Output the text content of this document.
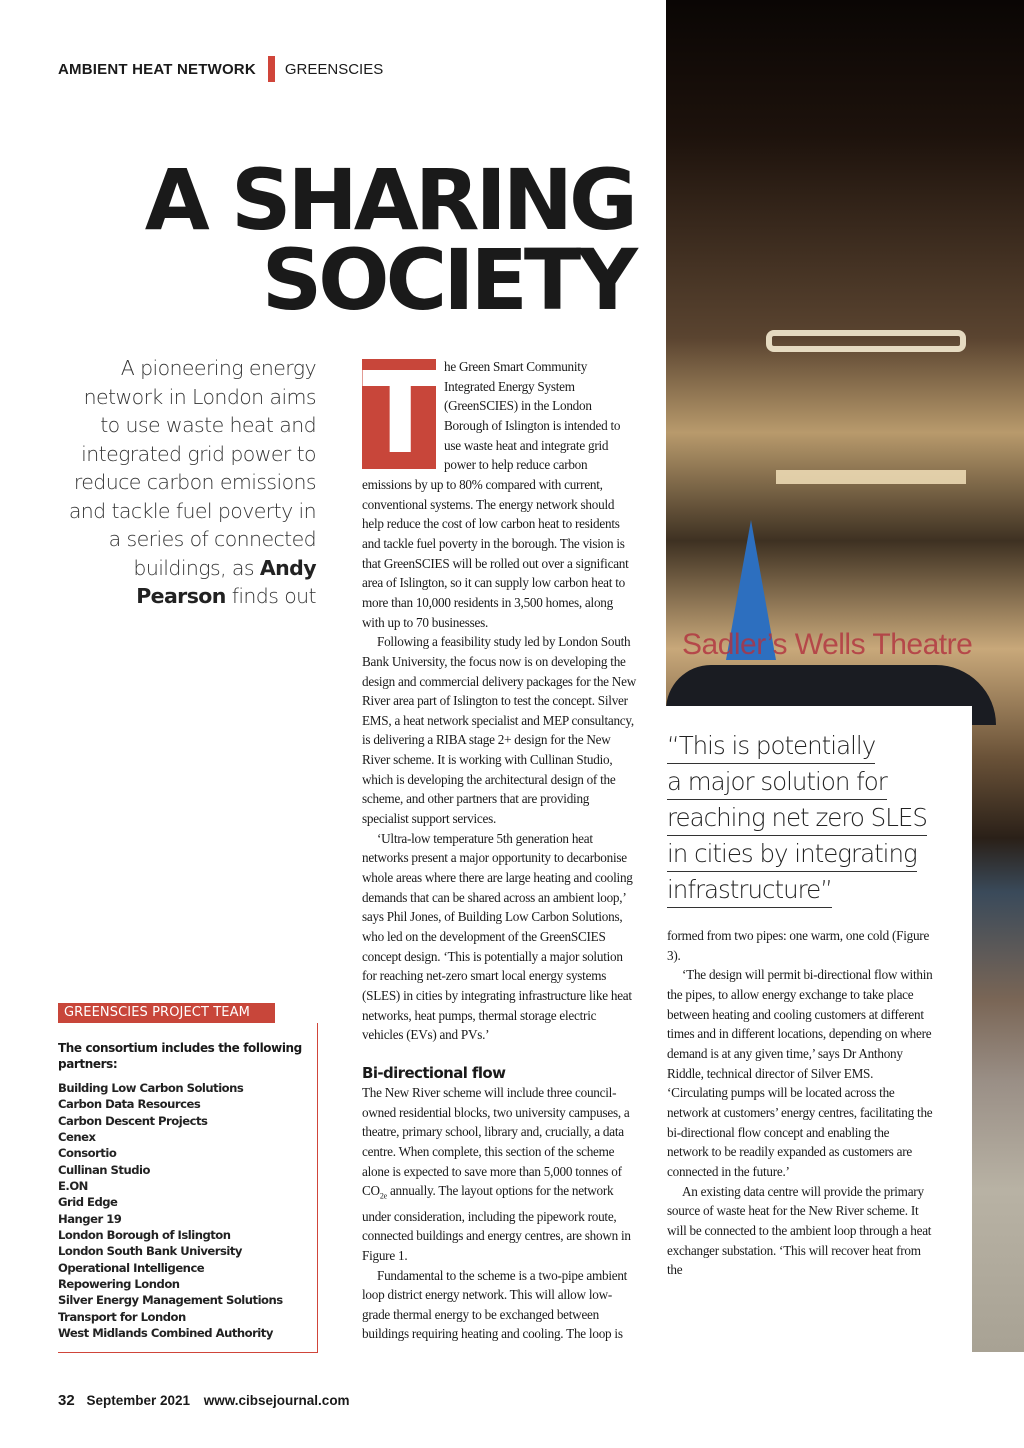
AMBIENT HEAT NETWORK GREENSCIES
A SHARING
SOCIETY
A pioneering energy network in London aims to use waste heat and integrated grid power to reduce carbon emissions and tackle fuel poverty in a series of connected buildings, as Andy Pearson finds out
Sadler’s Wells Theatre
“This is potentially
a major solution for
reaching net zero SLES
in cities by integrating
infrastructure”
T he Green Smart Community Integrated Energy System (GreenSCIES) in the London Borough of Islington is intended to use waste heat and integrate grid power to help reduce carbon emissions by up to 80% compared with current, conventional systems. The energy network should help reduce the cost of low carbon heat to residents and tackle fuel poverty in the borough. The vision is that GreenSCIES will be rolled out over a significant area of Islington, so it can supply low carbon heat to more than 10,000 residents in 3,500 homes, along with up to 70 businesses.

Following a feasibility study led by London South Bank University, the focus now is on developing the design and commercial delivery packages for the New River area part of Islington to test the concept. Silver EMS, a heat network specialist and MEP consultancy, is delivering a RIBA stage 2+ design for the New River scheme. It is working with Cullinan Studio, which is developing the architectural design of the scheme, and other partners that are providing specialist support services.

‘Ultra-low temperature 5th generation heat networks present a major opportunity to decarbonise whole areas where there are large heating and cooling demands that can be shared across an ambient loop,’ says Phil Jones, of Building Low Carbon Solutions, who led on the development of the GreenSCIES concept design. ‘This is potentially a major solution for reaching net-zero smart local energy systems (SLES) in cities by integrating infrastructure like heat networks, heat pumps, thermal storage electric vehicles (EVs) and PVs.’

Bi-directional flow

The New River scheme will include three council-owned residential blocks, two university campuses, a theatre, primary school, library and, crucially, a data centre. When complete, this section of the scheme alone is expected to save more than 5,000 tonnes of $CO_{2e}$ annually. The layout options for the network under consideration, including the pipework route, connected buildings and energy centres, are shown in Figure 1.

Fundamental to the scheme is a two-pipe ambient loop district energy network. This will allow low-grade thermal energy to be exchanged between buildings requiring heating and cooling. The loop is

formed from two pipes: one warm, one cold (Figure 3).

‘The design will permit bi-directional flow within the pipes, to allow energy exchange to take place between heating and cooling customers at different times and in different locations, depending on where demand is at any given time,’ says Dr Anthony Riddle, technical director of Silver EMS. ‘Circulating pumps will be located across the network at customers’ energy centres, facilitating the bi-directional flow concept and enabling the network to be readily expanded as customers are connected in the future.’

An existing data centre will provide the primary source of waste heat for the New River scheme. It will be connected to the ambient loop through a heat exchanger substation. ‘This will recover heat from the

GREENSCIES PROJECT TEAM
The consortium includes the following partners:
Building Low Carbon Solutions
Carbon Data Resources
Carbon Descent Projects
Cenex
Consortio
Cullinan Studio
E.ON
Grid Edge
Hanger 19
London Borough of Islington
London South Bank University
Operational Intelligence
Repowering London
Silver Energy Management Solutions
Transport for London
West Midlands Combined Authority
32 September 2021 www.cibsejournal.com
